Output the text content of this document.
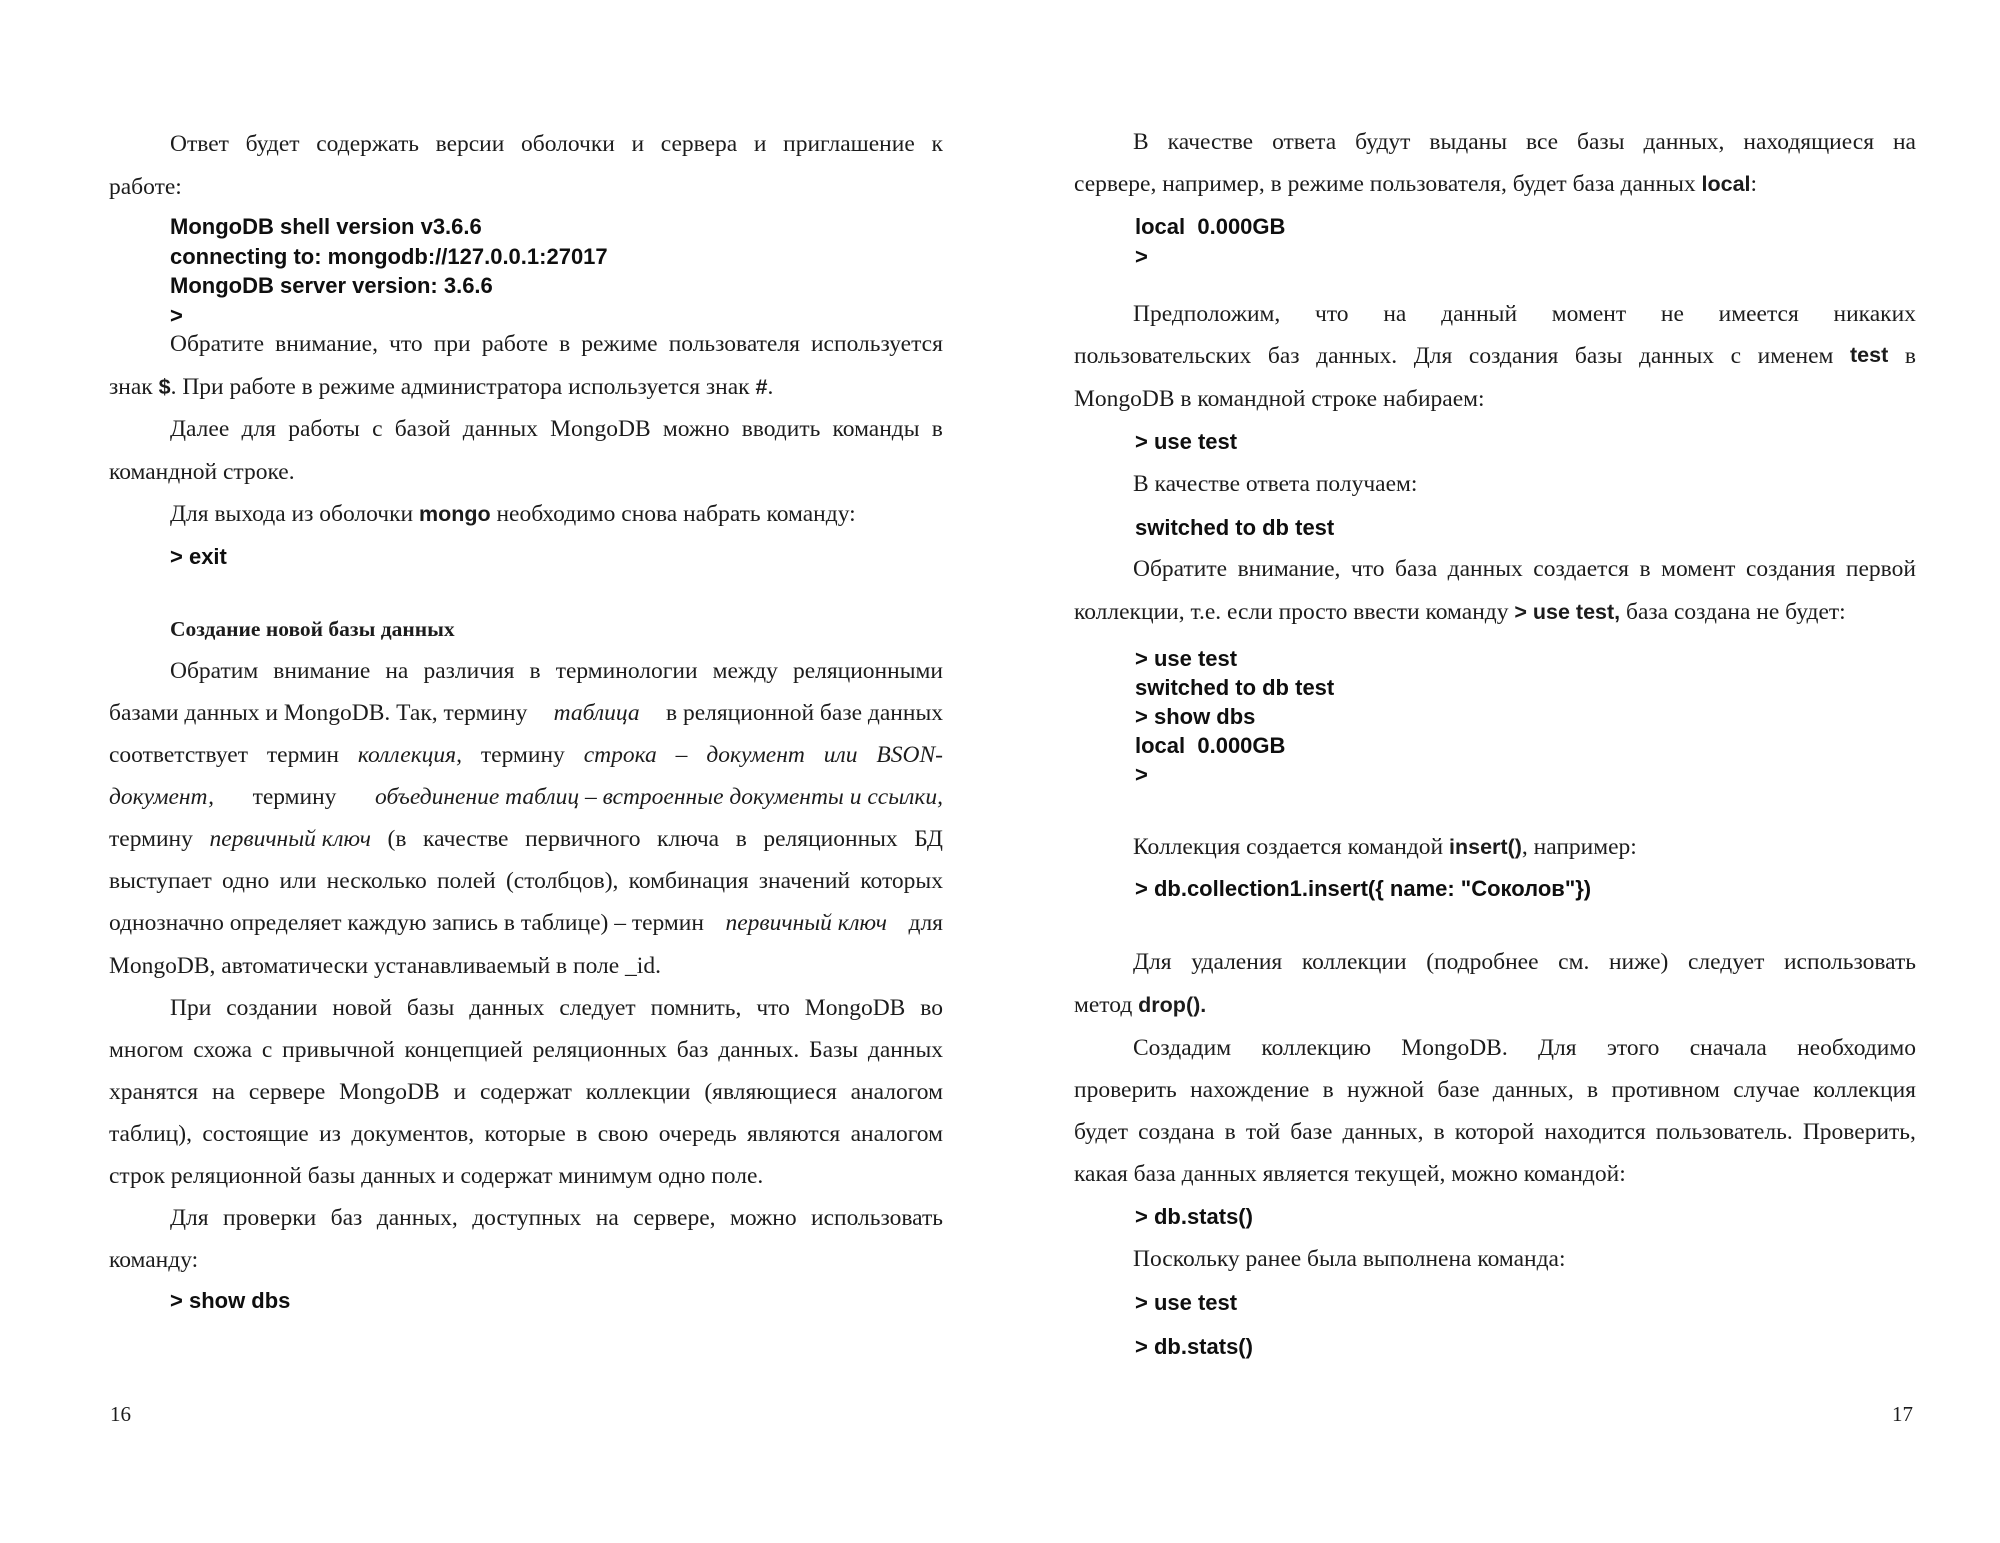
Ответ будет содержать версии оболочки и сервера и приглашение к
работе:
MongoDB shell version v3.6.6
connecting to: mongodb://127.0.0.1:27017
MongoDB server version: 3.6.6
>
Обратите внимание, что при работе в режиме пользователя используется
знак $. При работе в режиме администратора используется знак #.
Далее для работы с базой данных MongoDB можно вводить команды в
командной строке.
Для выхода из оболочки mongo необходимо снова набрать команду:
> exit
Создание новой базы данных
Обратим внимание на различия в терминологии между реляционными
базами данных и MongoDB. Так, термину таблица в реляционной базе данных
соответствует термин коллекция, термину строка – документ или BSON-
документ, термину объединение таблиц – встроенные документы и ссылки,
термину первичный ключ (в качестве первичного ключа в реляционных БД
выступает одно или несколько полей (столбцов), комбинация значений которых
однозначно определяет каждую запись в таблице) – термин первичный ключ для
MongoDB, автоматически устанавливаемый в поле _id.
При создании новой базы данных следует помнить, что MongoDB во
многом схожа с привычной концепцией реляционных баз данных. Базы данных
хранятся на сервере MongoDB и содержат коллекции (являющиеся аналогом
таблиц), состоящие из документов, которые в свою очередь являются аналогом
строк реляционной базы данных и содержат минимум одно поле.
Для проверки баз данных, доступных на сервере, можно использовать
команду:
> show dbs
16
В качестве ответа будут выданы все базы данных, находящиеся на
сервере, например, в режиме пользователя, будет база данных local:
local  0.000GB
>
Предположим, что на данный момент не имеется никаких
пользовательских баз данных. Для создания базы данных с именем test в
MongoDB в командной строке набираем:
> use test
В качестве ответа получаем:
switched to db test
Обратите внимание, что база данных создается в момент создания первой
коллекции, т.е. если просто ввести команду > use test, база создана не будет:
> use test
switched to db test
> show dbs
local  0.000GB
>
Коллекция создается командой insert(), например:
> db.collection1.insert({ name: "Соколов"})
Для удаления коллекции (подробнее см. ниже) следует использовать
метод drop().
Создадим коллекцию MongoDB. Для этого сначала необходимо
проверить нахождение в нужной базе данных, в противном случае коллекция
будет создана в той базе данных, в которой находится пользователь. Проверить,
какая база данных является текущей, можно командой:
> db.stats()
Поскольку ранее была выполнена команда:
> use test
> db.stats()
17
